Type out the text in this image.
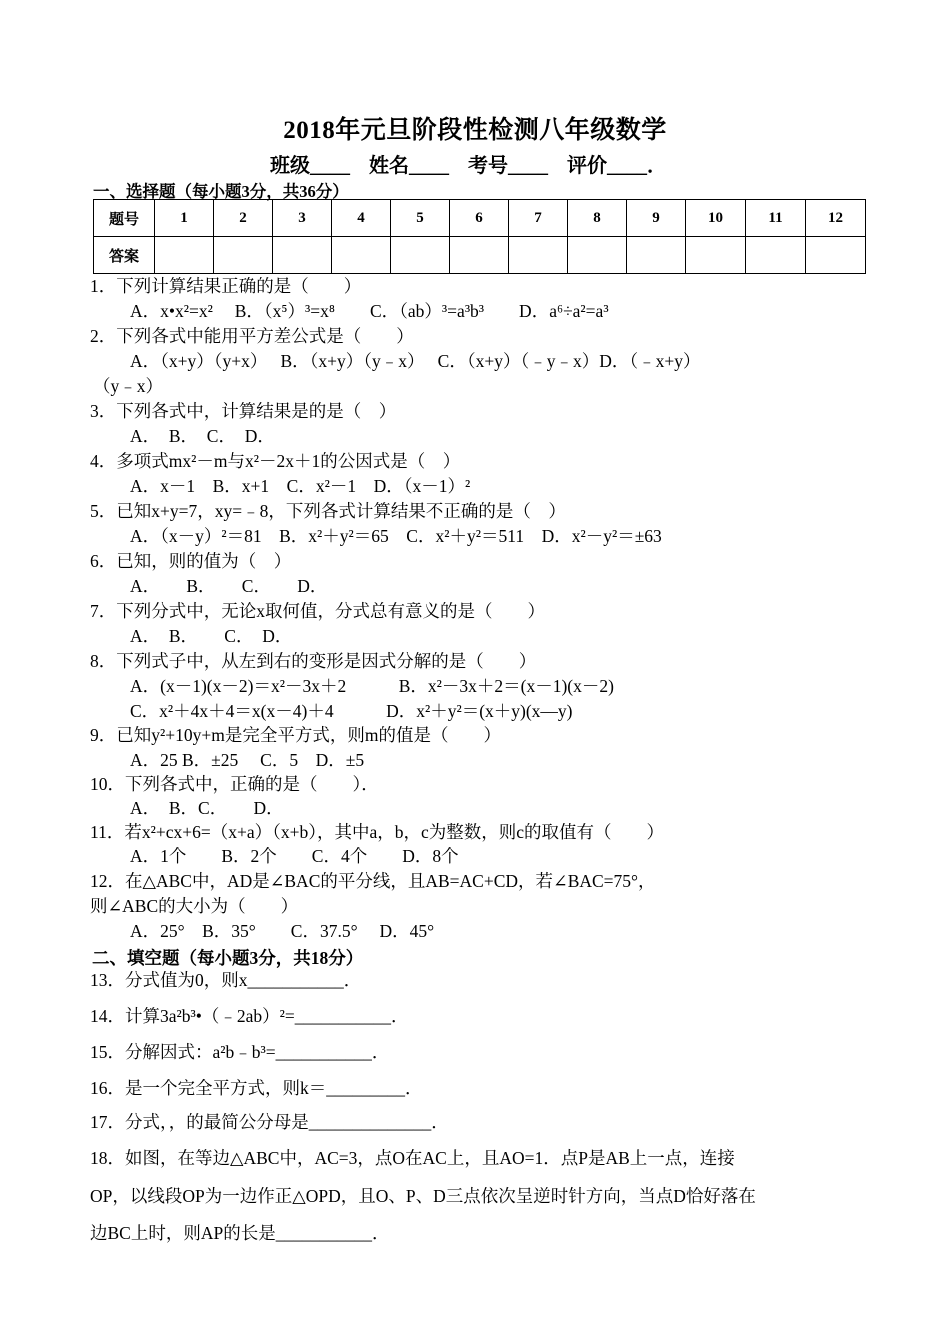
2018年元旦阶段性检测八年级数学
班级____ 姓名____ 考号____ 评价____．
一、选择题（每小题3分，共36分）
题号	1	2	3	4	5	6	7	8	9	10	11	12
答案												
1．下列计算结果正确的是（　　）
A．x•x²=x²　 B．（x⁵）³=x⁸　　C．（ab）³=a³b³　　D．a⁶÷a²=a³
2．下列各式中能用平方差公式是（　　）
A．（x+y）（y+x）　 B．（x+y）（y﹣x）　 C．（x+y）（﹣y﹣x）D．（﹣x+y）
（y﹣x）
3．下列各式中，计算结果是的是（　）
A．　B．　C．　D．
4．多项式mx²－m与x²－2x＋1的公因式是（　）
A．x－1　B．x+1　C．x²－1　D．（x－1）²
5．已知x+y=7，xy=﹣8，下列各式计算结果不正确的是（　）
A．（x－y）²＝81　B．x²＋y²＝65　C．x²＋y²＝511　D．x²－y²＝±63
6．已知，则的值为（　）
A．　　B．　　C．　　D．
7．下列分式中，无论x取何值，分式总有意义的是（　　）
A．　B．　　C．　D．
8．下列式子中，从左到右的变形是因式分解的是（　　）
A．(x－1)(x－2)＝x²－3x＋2　　　B．x²－3x＋2＝(x－1)(x－2)
C．x²＋4x＋4＝x(x－4)＋4　　　D．x²＋y²＝(x＋y)(x—y)
9．已知y²+10y+m是完全平方式，则m的值是（　　）
A．25 B．±25　 C．5　D．±5
10．下列各式中，正确的是（　　）．
A．　B．C．　　D．
11．若x²+cx+6=（x+a）（x+b），其中a，b，c为整数，则c的取值有（　　）
A．1个　　B．2个　　C．4个　　D．8个
12．在△ABC中，AD是∠BAC的平分线，且AB=AC+CD，若∠BAC=75°，
则∠ABC的大小为（　　）
A．25°　B．35°　　C．37.5°　 D．45°
二、填空题（每小题3分，共18分）
13．分式值为0，则x___________．
14．计算3a²b³•（﹣2ab）²=___________．
15．分解因式：a²b﹣b³=___________．
16．是一个完全平方式，则k＝_________．
17．分式，，的最简公分母是______________．
18．如图，在等边△ABC中，AC=3，点O在AC上，且AO=1．点P是AB上一点，连接
OP，以线段OP为一边作正△OPD，且O、P、D三点依次呈逆时针方向，当点D恰好落在
边BC上时，则AP的长是___________．
